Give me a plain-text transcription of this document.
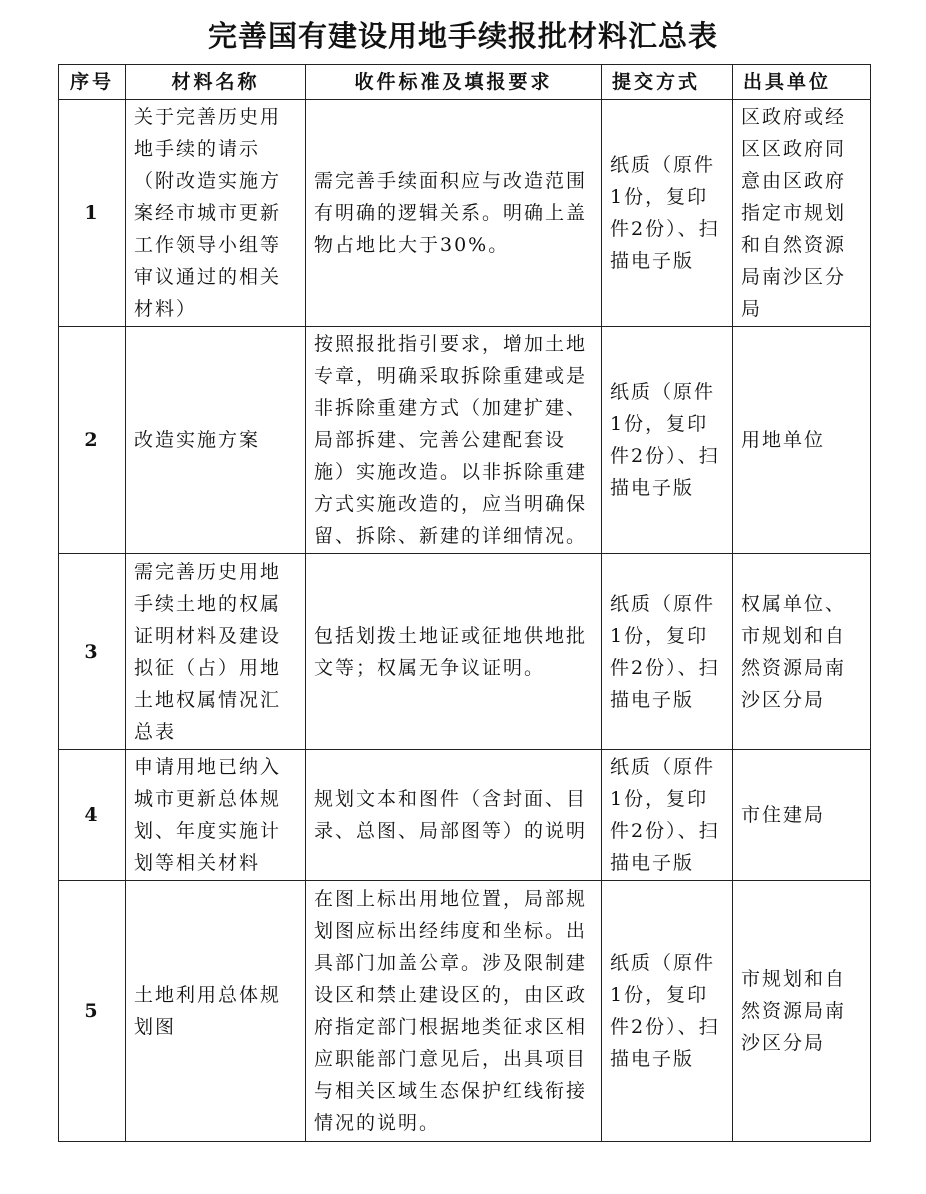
完善国有建设用地手续报批材料汇总表
序号	材料名称	收件标准及填报要求	提交方式	出具单位
1	关于完善历史用地手续的请示（附改造实施方案经市城市更新工作领导小组等审议通过的相关材料）	需完善手续面积应与改造范围有明确的逻辑关系。明确上盖物占地比大于30%。	纸质（原件1份，复印件2份）、扫描电子版	区政府或经区区政府同意由区政府指定市规划和自然资源局南沙区分局
2	改造实施方案	按照报批指引要求，增加土地专章，明确采取拆除重建或是非拆除重建方式（加建扩建、局部拆建、完善公建配套设施）实施改造。以非拆除重建方式实施改造的，应当明确保留、拆除、新建的详细情况。	纸质（原件1份，复印件2份）、扫描电子版	用地单位
3	需完善历史用地手续土地的权属证明材料及建设拟征（占）用地土地权属情况汇总表	包括划拨土地证或征地供地批文等；权属无争议证明。	纸质（原件1份，复印件2份）、扫描电子版	权属单位、市规划和自然资源局南沙区分局
4	申请用地已纳入城市更新总体规划、年度实施计划等相关材料	规划文本和图件（含封面、目录、总图、局部图等）的说明	纸质（原件1份，复印件2份）、扫描电子版	市住建局
5	土地利用总体规划图	在图上标出用地位置，局部规划图应标出经纬度和坐标。出具部门加盖公章。涉及限制建设区和禁止建设区的，由区政府指定部门根据地类征求区相应职能部门意见后，出具项目与相关区域生态保护红线衔接情况的说明。	纸质（原件1份，复印件2份）、扫描电子版	市规划和自然资源局南沙区分局
